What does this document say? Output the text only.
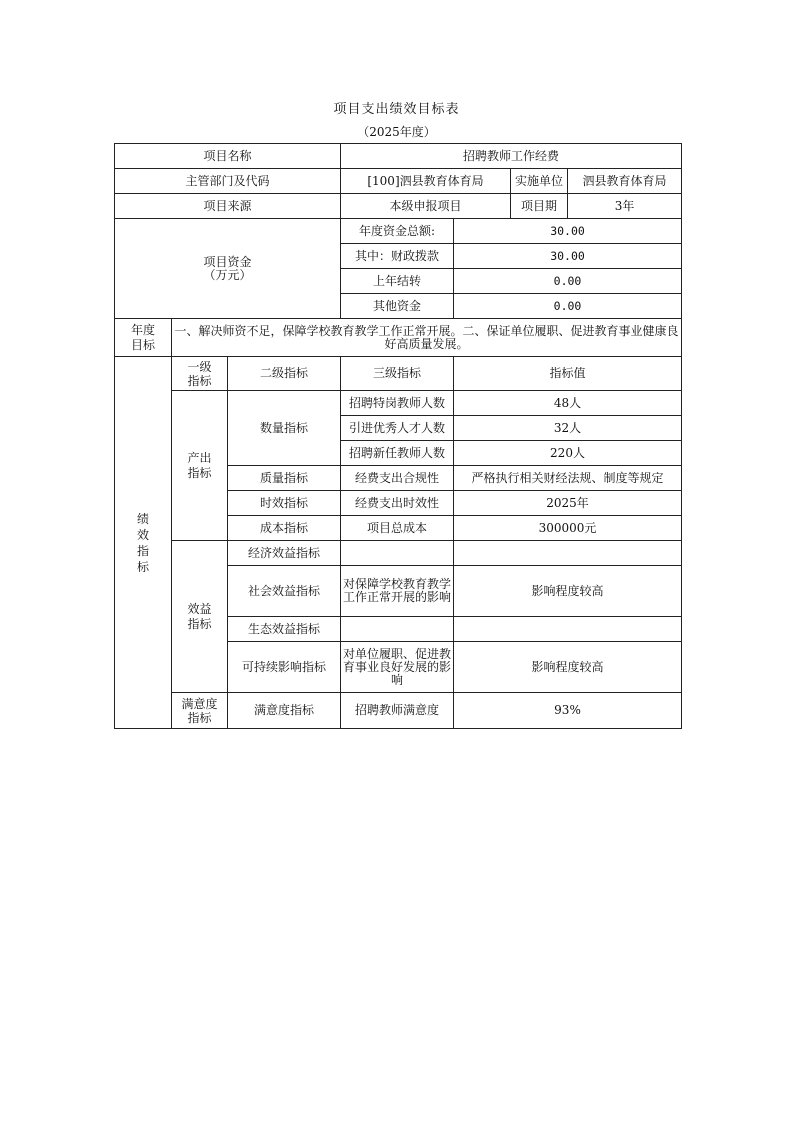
项目支出绩效目标表
（2025年度）
项目名称			招聘教师工作经费			
主管部门及代码			[100]泗县教育体育局		实施单位	泗县教育体育局
项目来源			本级申报项目		项目期	3年

项目资金
（万元）			年度资金总额:	30.00		
			其中：财政拨款	30.00		
			上年结转	0.00		
			其他资金	0.00		
年度目标	一、解决师资不足，保障学校教育教学工作正常开展。二、保证单位履职、促进教育事业健康良好高质量发展。					
绩效指标	一级指标	二级指标	三级指标	指标值		
	产出指标	数量指标	招聘特岗教师人数	48人		
			引进优秀人才人数	32人		
			招聘新任教师人数	220人		
		质量指标	经费支出合规性	严格执行相关财经法规、制度等规定		
		时效指标	经费支出时效性	2025年		
		成本指标	项目总成本	300000元		
	效益指标	经济效益指标				
		社会效益指标	对保障学校教育教学工作正常开展的影响	影响程度较高		
		生态效益指标				
		可持续影响指标	对单位履职、促进教育事业良好发展的影响	影响程度较高		
	满意度指标	满意度指标	招聘教师满意度	93%		
